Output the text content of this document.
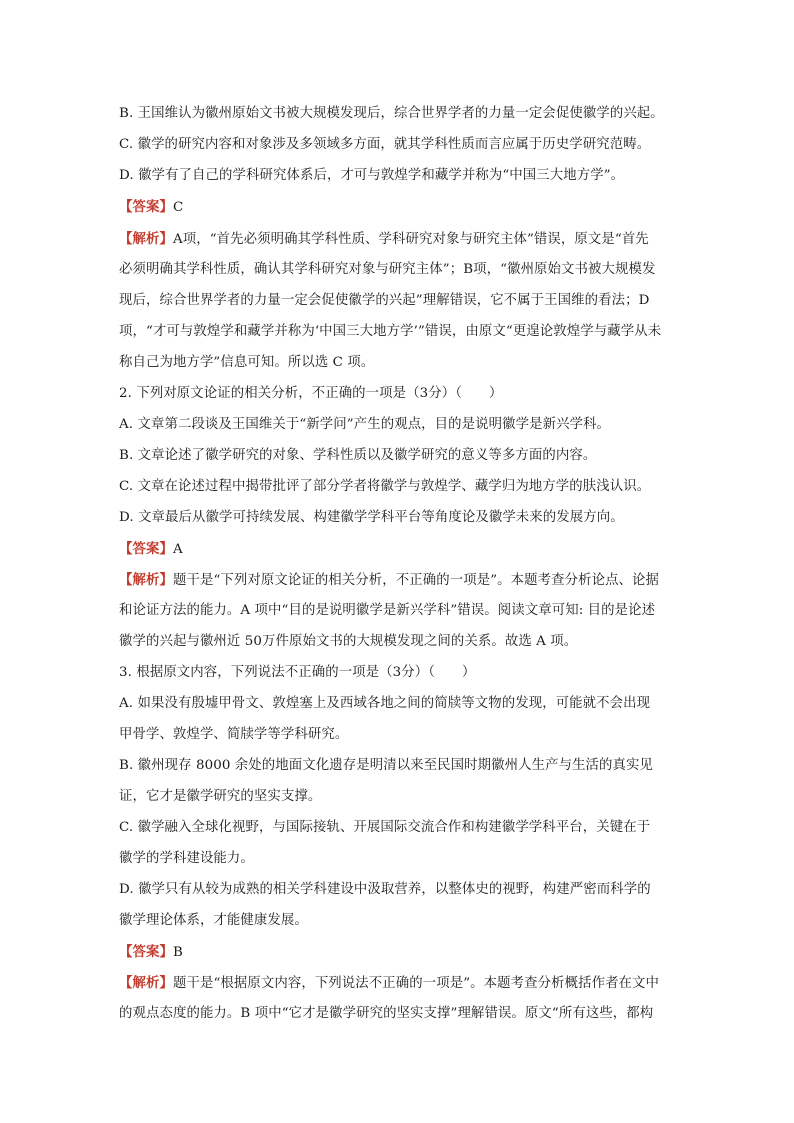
B. 王国维认为徽州原始文书被大规模发现后，综合世界学者的力量一定会促使徽学的兴起。
C. 徽学的研究内容和对象涉及多领域多方面，就其学科性质而言应属于历史学研究范畴。
D. 徽学有了自己的学科研究体系后，才可与敦煌学和藏学并称为“中国三大地方学”。
【答案】C
【解析】A项，“首先必须明确其学科性质、学科研究对象与研究主体”错误，原文是“首先
必须明确其学科性质，确认其学科研究对象与研究主体”；B项，“徽州原始文书被大规模发
现后，综合世界学者的力量一定会促使徽学的兴起”理解错误，它不属于王国维的看法；D
项，“才可与敦煌学和藏学并称为‘中国三大地方学’”错误，由原文“更遑论敦煌学与藏学从未
称自己为地方学”信息可知。所以选 C 项。
2. 下列对原文论证的相关分析，不正确的一项是（3分）（　　）
A. 文章第二段谈及王国维关于“新学问”产生的观点，目的是说明徽学是新兴学科。
B. 文章论述了徽学研究的对象、学科性质以及徽学研究的意义等多方面的内容。
C. 文章在论述过程中揭带批评了部分学者将徽学与敦煌学、藏学归为地方学的肤浅认识。
D. 文章最后从徽学可持续发展、构建徽学学科平台等角度论及徽学未来的发展方向。
【答案】A
【解析】题干是“下列对原文论证的相关分析，不正确的一项是”。本题考查分析论点、论据
和论证方法的能力。A 项中“目的是说明徽学是新兴学科”错误。阅读文章可知: 目的是论述
徽学的兴起与徽州近 50万件原始文书的大规模发现之间的关系。故选 A 项。
3. 根据原文内容，下列说法不正确的一项是（3分）（　　）
A. 如果没有殷墟甲骨文、敦煌塞上及西域各地之间的简牍等文物的发现，可能就不会出现
甲骨学、敦煌学、简牍学等学科研究。
B. 徽州现存 8000 余处的地面文化遗存是明清以来至民国时期徽州人生产与生活的真实见
证，它才是徽学研究的坚实支撑。
C. 徽学融入全球化视野，与国际接轨、开展国际交流合作和构建徽学学科平台，关键在于
徽学的学科建设能力。
D. 徽学只有从较为成熟的相关学科建设中汲取营养，以整体史的视野，构建严密而科学的
徽学理论体系，才能健康发展。
【答案】B
【解析】题干是“根据原文内容，下列说法不正确的一项是”。本题考查分析概括作者在文中
的观点态度的能力。B 项中“它才是徽学研究的坚实支撑”理解错误。原文“所有这些，都构
